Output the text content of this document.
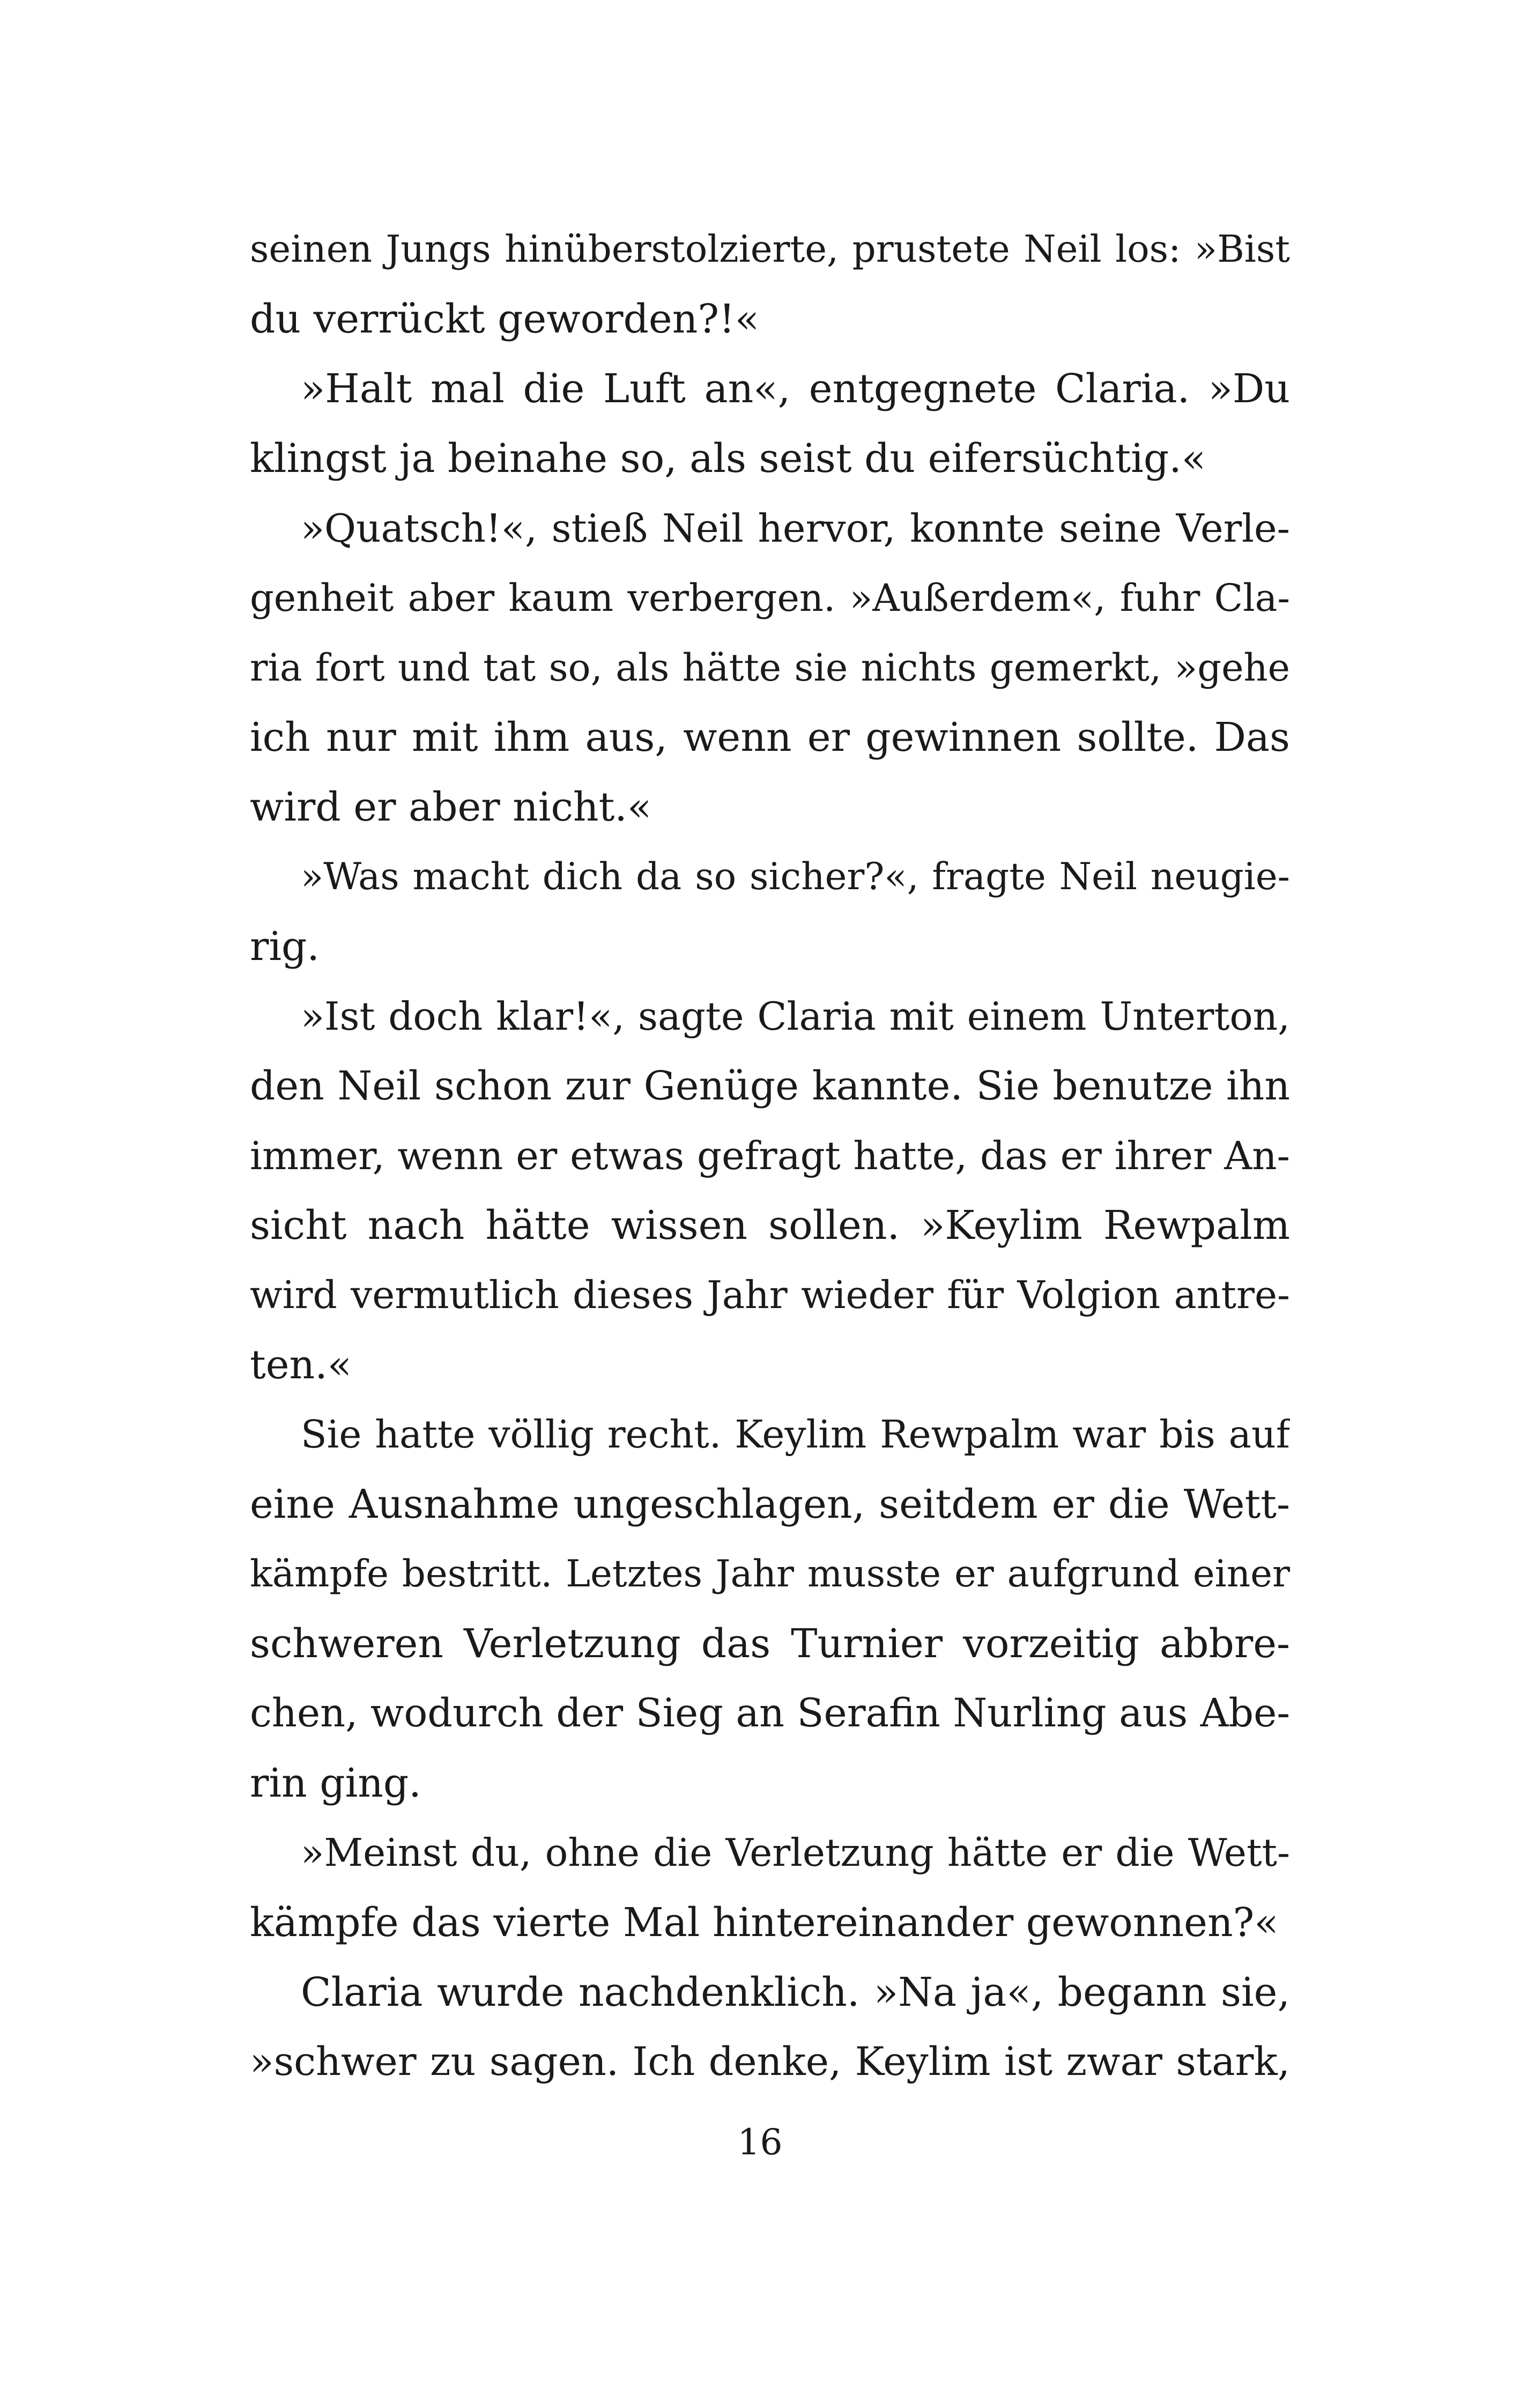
seinen Jungs hinüberstolzierte, prustete Neil los: »Bist
du verrückt geworden?!«
»Halt mal die Luft an«, entgegnete Claria. »Du
klingst ja beinahe so, als seist du eifersüchtig.«
»Quatsch!«, stieß Neil hervor, konnte seine Verle-
genheit aber kaum verbergen. »Außerdem«, fuhr Cla-
ria fort und tat so, als hätte sie nichts gemerkt, »gehe
ich nur mit ihm aus, wenn er gewinnen sollte. Das
wird er aber nicht.«
»Was macht dich da so sicher?«, fragte Neil neugie-
rig.
»Ist doch klar!«, sagte Claria mit einem Unterton,
den Neil schon zur Genüge kannte. Sie benutze ihn
immer, wenn er etwas gefragt hatte, das er ihrer An-
sicht nach hätte wissen sollen. »Keylim Rewpalm
wird vermutlich dieses Jahr wieder für Volgion antre-
ten.«
Sie hatte völlig recht. Keylim Rewpalm war bis auf
eine Ausnahme ungeschlagen, seitdem er die Wett-
kämpfe bestritt. Letztes Jahr musste er aufgrund einer
schweren Verletzung das Turnier vorzeitig abbre-
chen, wodurch der Sieg an Serafin Nurling aus Abe-
rin ging.
»Meinst du, ohne die Verletzung hätte er die Wett-
kämpfe das vierte Mal hintereinander gewonnen?«
Claria wurde nachdenklich. »Na ja«, begann sie,
»schwer zu sagen. Ich denke, Keylim ist zwar stark,
16
